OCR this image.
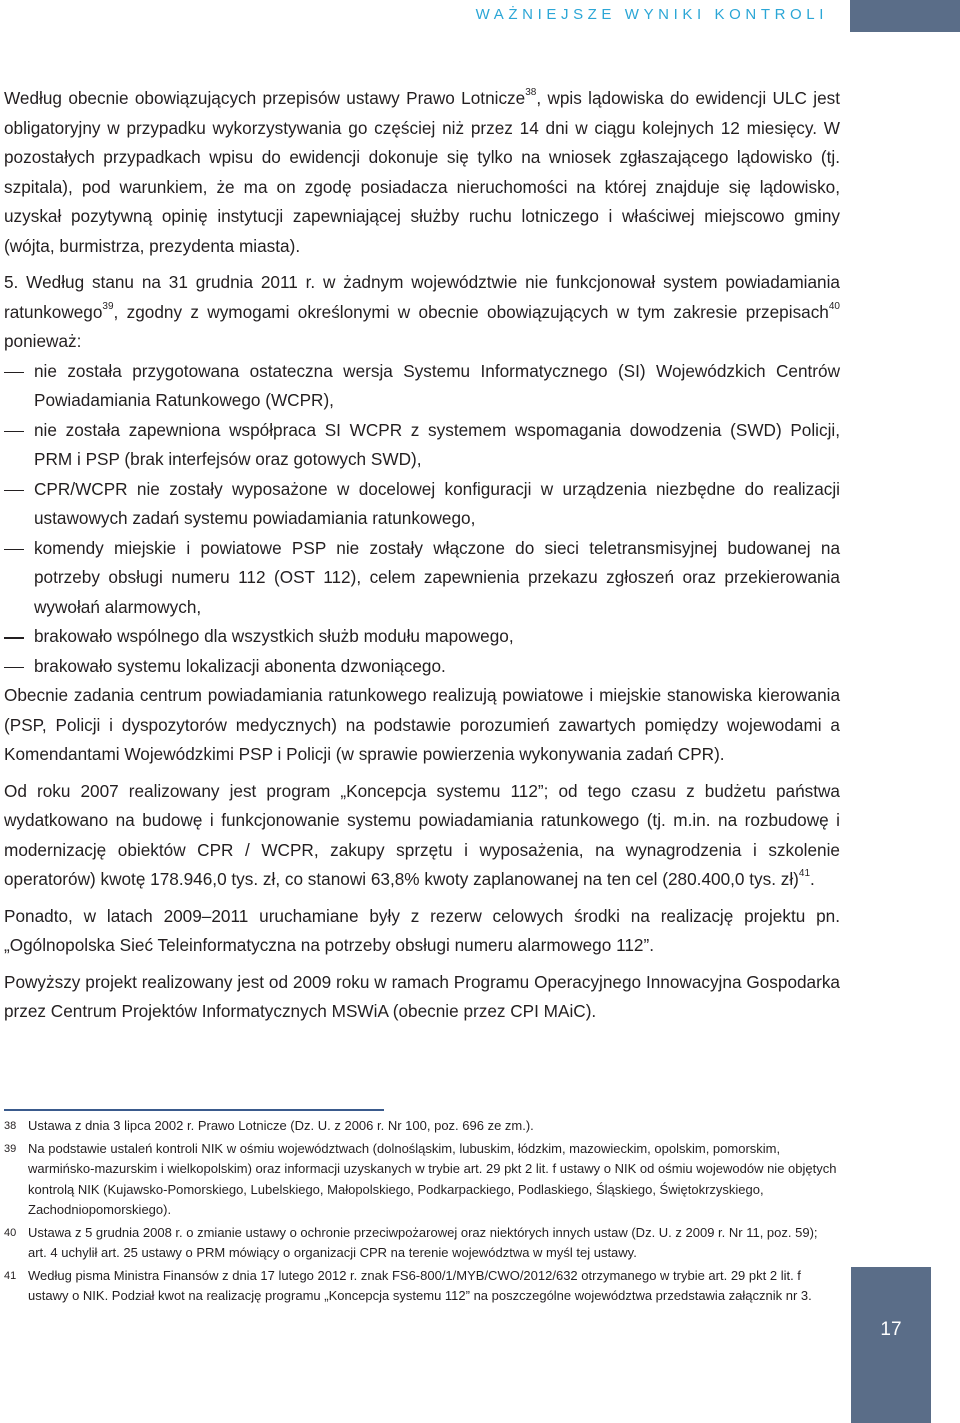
WAŻNIEJSZE WYNIKI KONTROLI

Według obecnie obowiązujących przepisów ustawy Prawo Lotnicze$^{38}$, wpis lądowiska do ewidencji ULC jest obligatoryjny w przypadku wykorzystywania go częściej niż przez 14 dni w ciągu kolejnych 12 miesięcy. W pozostałych przypadkach wpisu do ewidencji dokonuje się tylko na wniosek zgłaszającego lądowisko (tj. szpitala), pod warunkiem, że ma on zgodę posiadacza nieruchomości na której znajduje się lądowisko, uzyskał pozytywną opinię instytucji zapewniającej służby ruchu lotniczego i właściwej miejscowo gminy (wójta, burmistrza, prezydenta miasta).

5. Według stanu na 31 grudnia 2011 r. w żadnym województwie nie funkcjonował system powiadamiania ratunkowego$^{39}$, zgodny z wymogami określonymi w obecnie obowiązujących w tym zakresie przepisach$^{40}$ ponieważ:

nie została przygotowana ostateczna wersja Systemu Informatycznego (SI) Wojewódzkich Centrów Powiadamiania Ratunkowego (WCPR),
nie została zapewniona współpraca SI WCPR z systemem wspomagania dowodzenia (SWD) Policji, PRM i PSP (brak interfejsów oraz gotowych SWD),
CPR/WCPR nie zostały wyposażone w docelowej konfiguracji w urządzenia niezbędne do realizacji ustawowych zadań systemu powiadamiania ratunkowego,
komendy miejskie i powiatowe PSP nie zostały włączone do sieci teletransmisyjnej budowanej na potrzeby obsługi numeru 112 (OST 112), celem zapewnienia przekazu zgłoszeń oraz przekierowania wywołań alarmowych,
brakowało wspólnego dla wszystkich służb modułu mapowego,
brakowało systemu lokalizacji abonenta dzwoniącego.

Obecnie zadania centrum powiadamiania ratunkowego realizują powiatowe i miejskie stanowiska kierowania (PSP, Policji i dyspozytorów medycznych) na podstawie porozumień zawartych pomiędzy wojewodami a Komendantami Wojewódzkimi PSP i Policji (w sprawie powierzenia wykonywania zadań CPR).

Od roku 2007 realizowany jest program „Koncepcja systemu 112”; od tego czasu z budżetu państwa wydatkowano na budowę i funkcjonowanie systemu powiadamiania ratunkowego (tj. m.in. na rozbudowę i modernizację obiektów CPR / WCPR, zakupy sprzętu i wyposażenia, na wynagrodzenia i szkolenie operatorów) kwotę 178.946,0 tys. zł, co stanowi 63,8% kwoty zaplanowanej na ten cel (280.400,0 tys. zł)$^{41}$.

Ponadto, w latach 2009–2011 uruchamiane były z rezerw celowych środki na realizację projektu pn. „Ogólnopolska Sieć Teleinformatyczna na potrzeby obsługi numeru alarmowego 112”.

Powyższy projekt realizowany jest od 2009 roku w ramach Programu Operacyjnego Innowacyjna Gospodarka przez Centrum Projektów Informatycznych MSWiA (obecnie przez CPI MAiC).

38 Ustawa z dnia 3 lipca 2002 r. Prawo Lotnicze (Dz. U. z 2006 r. Nr 100, poz. 696 ze zm.).
39 Na podstawie ustaleń kontroli NIK w ośmiu województwach (dolnośląskim, lubuskim, łódzkim, mazowieckim, opolskim, pomorskim, warmińsko-mazurskim i wielkopolskim) oraz informacji uzyskanych w trybie art. 29 pkt 2 lit. f ustawy o NIK od ośmiu wojewodów nie objętych kontrolą NIK (Kujawsko-Pomorskiego, Lubelskiego, Małopolskiego, Podkarpackiego, Podlaskiego, Śląskiego, Świętokrzyskiego, Zachodniopomorskiego).
40 Ustawa z 5 grudnia 2008 r. o zmianie ustawy o ochronie przeciwpożarowej oraz niektórych innych ustaw (Dz. U. z 2009 r. Nr 11, poz. 59); art. 4 uchylił art. 25 ustawy o PRM mówiący o organizacji CPR na terenie województwa w myśl tej ustawy.
41 Według pisma Ministra Finansów z dnia 17 lutego 2012 r. znak FS6-800/1/MYB/CWO/2012/632 otrzymanego w trybie art. 29 pkt 2 lit. f ustawy o NIK. Podział kwot na realizację programu „Koncepcja systemu 112” na poszczególne województwa przedstawia załącznik nr 3.
17
